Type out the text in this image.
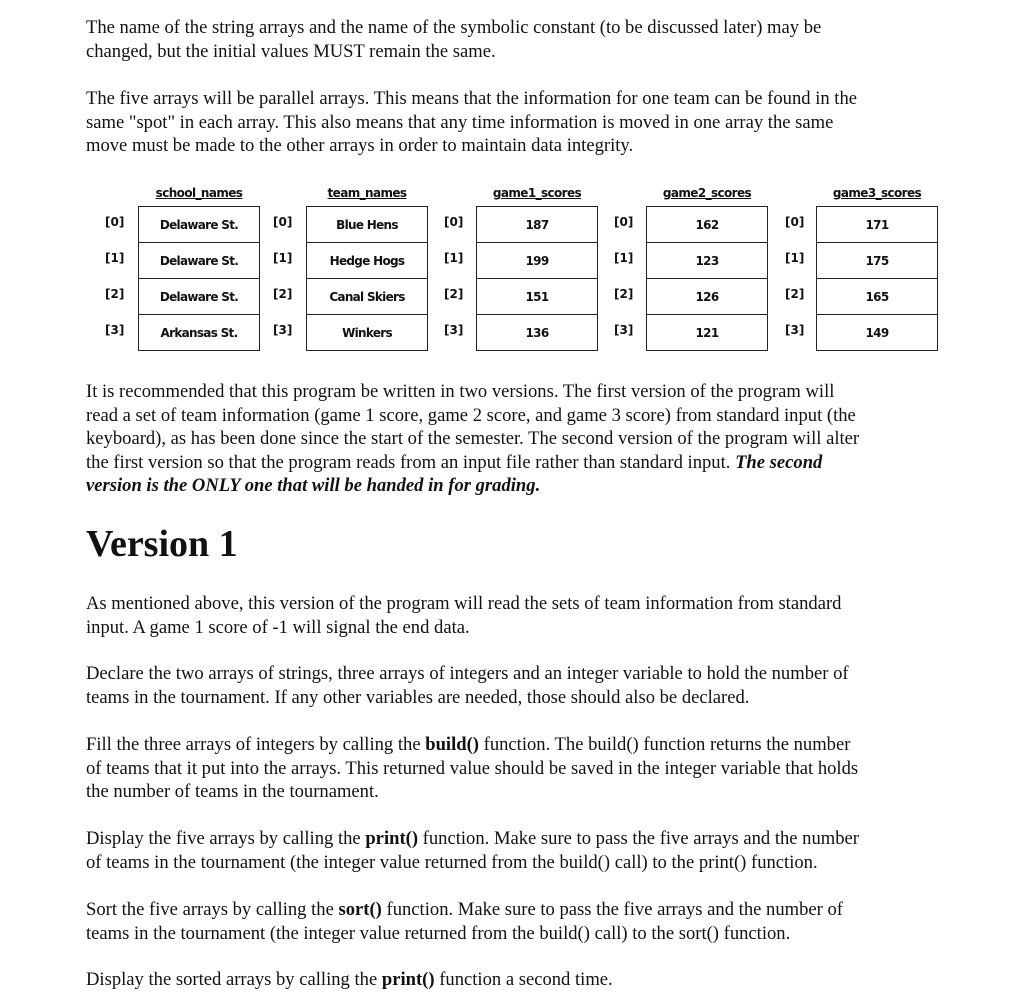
The name of the string arrays and the name of the symbolic constant (to be discussed later) may be
changed, but the initial values MUST remain the same.

The five arrays will be parallel arrays. This means that the information for one team can be found in the
same "spot" in each array. This also means that any time information is moved in one array the same
move must be made to the other arrays in order to maintain data integrity.

school_names
Delaware St.
Delaware St.
Delaware St.
Arkansas St.
[0]
[1]
[2]
[3]
team_names
Blue Hens
Hedge Hogs
Canal Skiers
Winkers
[0]
[1]
[2]
[3]
game1_scores
187
199
151
136
[0]
[1]
[2]
[3]
game2_scores
162
123
126
121
[0]
[1]
[2]
[3]
game3_scores
171
175
165
149
[0]
[1]
[2]
[3]

It is recommended that this program be written in two versions. The first version of the program will
read a set of team information (game 1 score, game 2 score, and game 3 score) from standard input (the
keyboard), as has been done since the start of the semester. The second version of the program will alter
the first version so that the program reads from an input file rather than standard input. The second
version is the ONLY one that will be handed in for grading.

Version 1

As mentioned above, this version of the program will read the sets of team information from standard
input. A game 1 score of -1 will signal the end data.

Declare the two arrays of strings, three arrays of integers and an integer variable to hold the number of
teams in the tournament. If any other variables are needed, those should also be declared.

Fill the three arrays of integers by calling the build() function. The build() function returns the number
of teams that it put into the arrays. This returned value should be saved in the integer variable that holds
the number of teams in the tournament.

Display the five arrays by calling the print() function. Make sure to pass the five arrays and the number
of teams in the tournament (the integer value returned from the build() call) to the print() function.

Sort the five arrays by calling the sort() function. Make sure to pass the five arrays and the number of
teams in the tournament (the integer value returned from the build() call) to the sort() function.

Display the sorted arrays by calling the print() function a second time.
